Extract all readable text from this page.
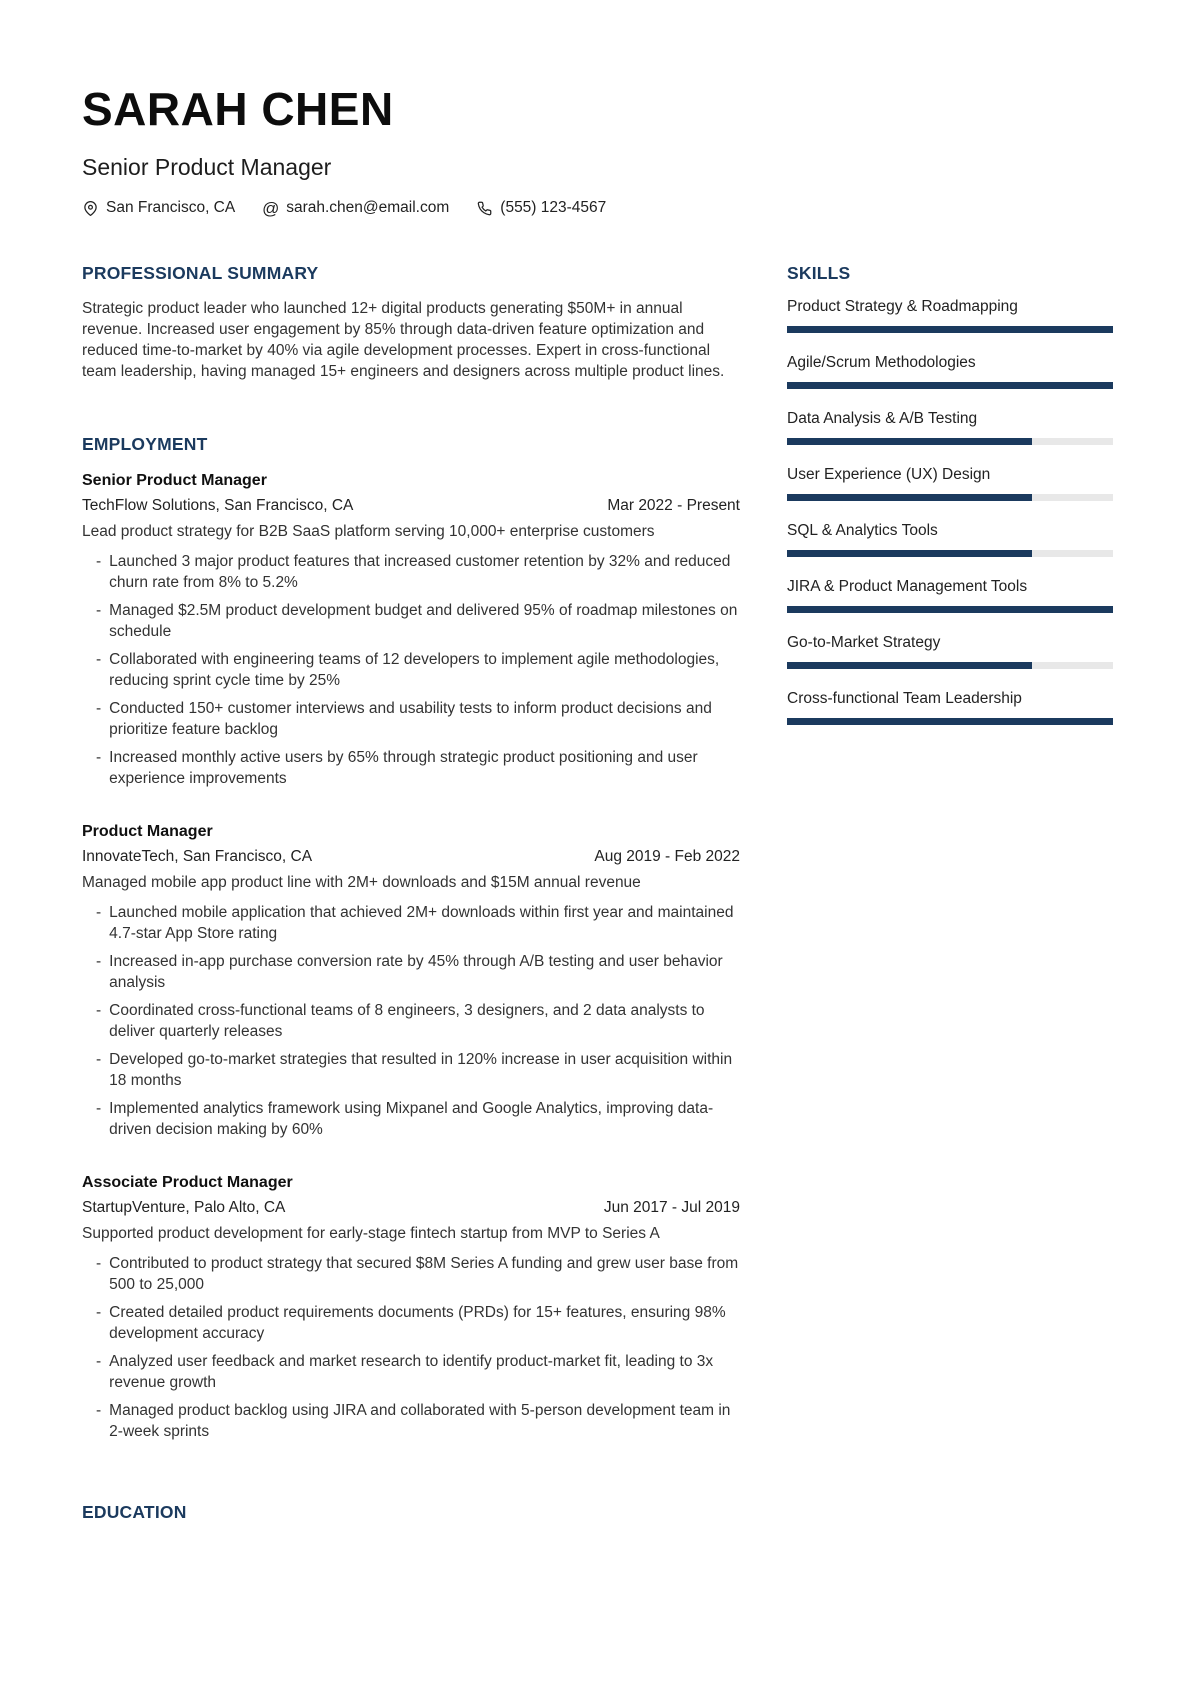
SARAH CHEN
Senior Product Manager
San Francisco, CA @ sarah.chen@email.com	(555) 123-4567
PROFESSIONAL SUMMARY

Strategic product leader who launched 12+ digital products generating $50M+ in annual revenue. Increased user engagement by 85% through data-driven feature optimization and reduced time-to-market by 40% via agile development processes. Expert in cross-functional team leadership, having managed 15+ engineers and designers across multiple product lines.

EMPLOYMENT
Senior Product Manager
TechFlow Solutions, San Francisco, CA	Mar 2022 - Present
Lead product strategy for B2B SaaS platform serving 10,000+ enterprise customers
- Launched 3 major product features that increased customer retention by 32% and reduced churn rate from 8% to 5.2%
- Managed $2.5M product development budget and delivered 95% of roadmap milestones on schedule
- Collaborated with engineering teams of 12 developers to implement agile methodologies, reducing sprint cycle time by 25%
- Conducted 150+ customer interviews and usability tests to inform product decisions and prioritize feature backlog
- Increased monthly active users by 65% through strategic product positioning and user experience improvements
Product Manager
InnovateTech, San Francisco, CA	Aug 2019 - Feb 2022
Managed mobile app product line with 2M+ downloads and $15M annual revenue
- Launched mobile application that achieved 2M+ downloads within first year and maintained 4.7-star App Store rating
- Increased in-app purchase conversion rate by 45% through A/B testing and user behavior analysis
- Coordinated cross-functional teams of 8 engineers, 3 designers, and 2 data analysts to deliver quarterly releases
- Developed go-to-market strategies that resulted in 120% increase in user acquisition within 18 months
- Implemented analytics framework using Mixpanel and Google Analytics, improving data-driven decision making by 60%
Associate Product Manager
StartupVenture, Palo Alto, CA	Jun 2017 - Jul 2019
Supported product development for early-stage fintech startup from MVP to Series A
- Contributed to product strategy that secured $8M Series A funding and grew user base from 500 to 25,000
- Created detailed product requirements documents (PRDs) for 15+ features, ensuring 98% development accuracy
- Analyzed user feedback and market research to identify product-market fit, leading to 3x revenue growth
- Managed product backlog using JIRA and collaborated with 5-person development team in 2-week sprints
EDUCATION
SKILLS
Product Strategy & Roadmapping
Agile/Scrum Methodologies
Data Analysis & A/B Testing
User Experience (UX) Design
SQL & Analytics Tools
JIRA & Product Management Tools
Go-to-Market Strategy
Cross-functional Team Leadership
